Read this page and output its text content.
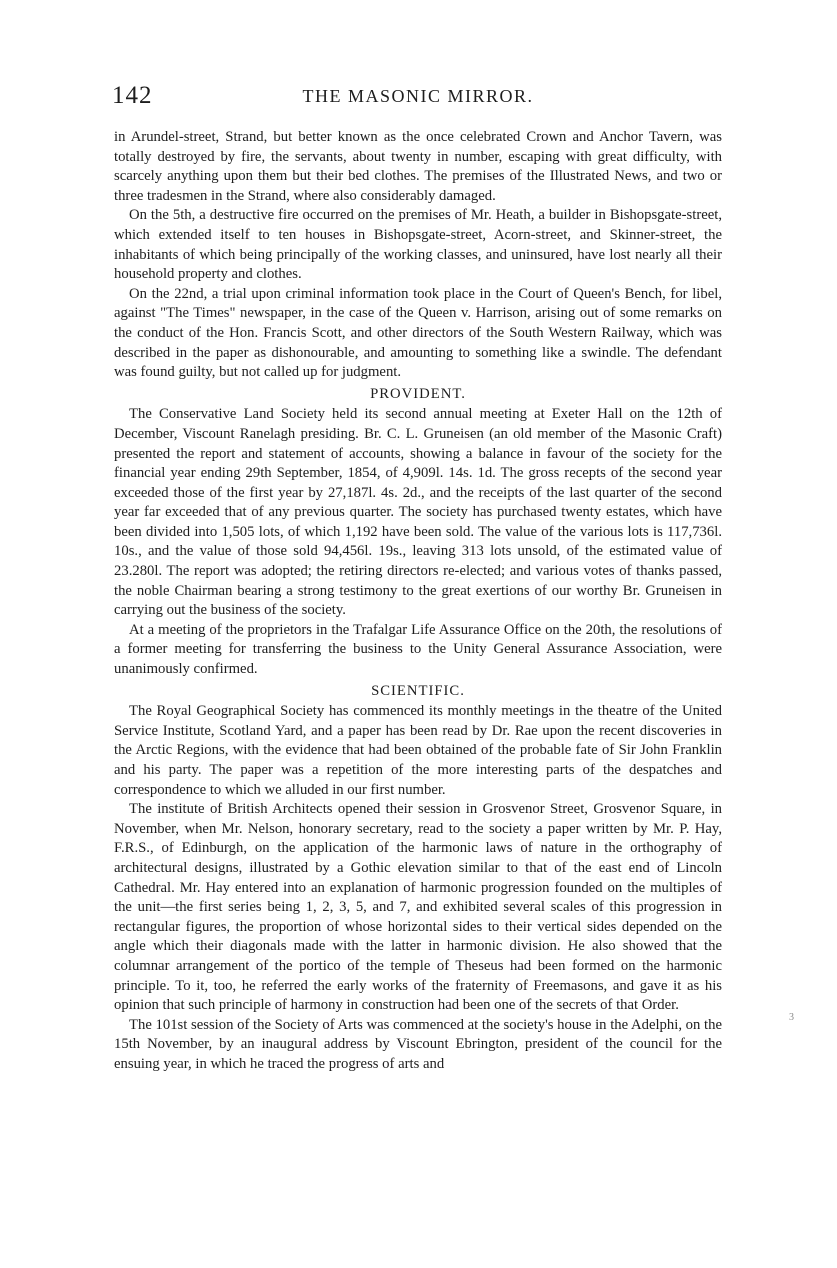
142	THE MASONIC MIRROR.

in Arundel-street, Strand, but better known as the once celebrated Crown and Anchor Tavern, was totally destroyed by fire, the servants, about twenty in number, escaping with great difficulty, with scarcely anything upon them but their bed clothes. The premises of the Illustrated News, and two or three tradesmen in the Strand, where also considerably damaged.

On the 5th, a destructive fire occurred on the premises of Mr. Heath, a builder in Bishopsgate-street, which extended itself to ten houses in Bishopsgate-street, Acorn-street, and Skinner-street, the inhabitants of which being principally of the working classes, and uninsured, have lost nearly all their household property and clothes.

On the 22nd, a trial upon criminal information took place in the Court of Queen's Bench, for libel, against "The Times" newspaper, in the case of the Queen v. Harrison, arising out of some remarks on the conduct of the Hon. Francis Scott, and other directors of the South Western Railway, which was described in the paper as dishonourable, and amounting to something like a swindle. The defendant was found guilty, but not called up for judgment.

PROVIDENT.

The Conservative Land Society held its second annual meeting at Exeter Hall on the 12th of December, Viscount Ranelagh presiding. Br. C. L. Gruneisen (an old member of the Masonic Craft) presented the report and statement of accounts, showing a balance in favour of the society for the financial year ending 29th September, 1854, of 4,909l. 14s. 1d. The gross recepts of the second year exceeded those of the first year by 27,187l. 4s. 2d., and the receipts of the last quarter of the second year far exceeded that of any previous quarter. The society has purchased twenty estates, which have been divided into 1,505 lots, of which 1,192 have been sold. The value of the various lots is 117,736l. 10s., and the value of those sold 94,456l. 19s., leaving 313 lots unsold, of the estimated value of 23.280l. The report was adopted; the retiring directors re-elected; and various votes of thanks passed, the noble Chairman bearing a strong testimony to the great exertions of our worthy Br. Gruneisen in carrying out the business of the society.

At a meeting of the proprietors in the Trafalgar Life Assurance Office on the 20th, the resolutions of a former meeting for transferring the business to the Unity General Assurance Association, were unanimously confirmed.

SCIENTIFIC.

The Royal Geographical Society has commenced its monthly meetings in the theatre of the United Service Institute, Scotland Yard, and a paper has been read by Dr. Rae upon the recent discoveries in the Arctic Regions, with the evidence that had been obtained of the probable fate of Sir John Franklin and his party. The paper was a repetition of the more interesting parts of the despatches and correspondence to which we alluded in our first number.

The institute of British Architects opened their session in Grosvenor Street, Grosvenor Square, in November, when Mr. Nelson, honorary secretary, read to the society a paper written by Mr. P. Hay, F.R.S., of Edinburgh, on the application of the harmonic laws of nature in the orthography of architectural designs, illustrated by a Gothic elevation similar to that of the east end of Lincoln Cathedral. Mr. Hay entered into an explanation of harmonic progression founded on the multiples of the unit—the first series being 1, 2, 3, 5, and 7, and exhibited several scales of this progression in rectangular figures, the proportion of whose horizontal sides to their vertical sides depended on the angle which their diagonals made with the latter in harmonic division. He also showed that the columnar arrangement of the portico of the temple of Theseus had been formed on the harmonic principle. To it, too, he referred the early works of the fraternity of Freemasons, and gave it as his opinion that such principle of harmony in construction had been one of the secrets of that Order.

The 101st session of the Society of Arts was commenced at the society's house in the Adelphi, on the 15th November, by an inaugural address by Viscount Ebrington, president of the council for the ensuing year, in which he traced the progress of arts and

3
